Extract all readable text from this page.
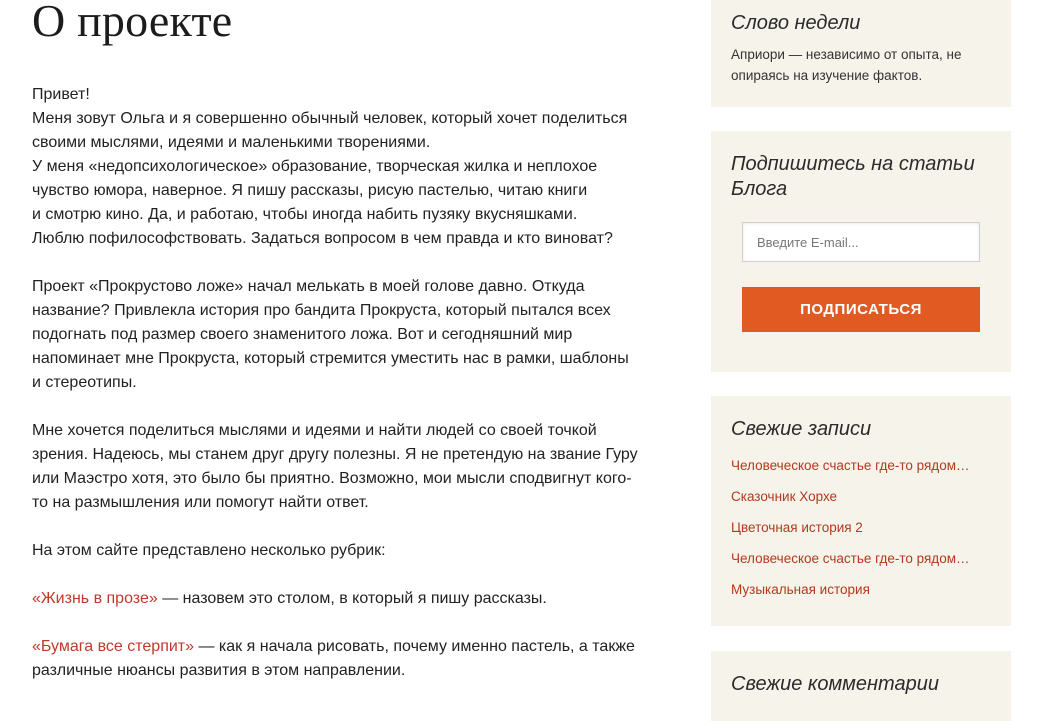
О проекте

Привет!
Меня зовут Ольга и я совершенно обычный человек, который хочет поделиться
своими мыслями, идеями и маленькими творениями.
У меня «недопсихологическое» образование, творческая жилка и неплохое
чувство юмора, наверное. Я пишу рассказы, рисую пастелью, читаю книги
и смотрю кино. Да, и работаю, чтобы иногда набить пузяку вкусняшками.
Люблю пофилософствовать. Задаться вопросом в чем правда и кто виноват?

Проект «Прокрустово ложе» начал мелькать в моей голове давно. Откуда
название? Привлекла история про бандита Прокруста, который пытался всех
подогнать под размер своего знаменитого ложа. Вот и сегодняшний мир
напоминает мне Прокруста, который стремится уместить нас в рамки, шаблоны
и стереотипы.

Мне хочется поделиться мыслями и идеями и найти людей со своей точкой
зрения. Надеюсь, мы станем друг другу полезны. Я не претендую на звание Гуру
или Маэстро хотя, это было бы приятно. Возможно, мои мысли сподвигнут кого-
то на размышления или помогут найти ответ.

На этом сайте представлено несколько рубрик:

«Жизнь в прозе» — назовем это столом, в который я пишу рассказы.

«Бумага все стерпит» — как я начала рисовать, почему именно пастель, а также
различные нюансы развития в этом направлении.

Слово недели

Априори — независимо от опыта, не опираясь на изучение фактов.

Подпишитесь на статьи Блога
Введите E-mail...
ПОДПИСАТЬСЯ
Свежие записи
Человеческое счастье где-то рядом…
Сказочник Хорхе
Цветочная история 2
Человеческое счастье где-то рядом…
Музыкальная история
Свежие комментарии
